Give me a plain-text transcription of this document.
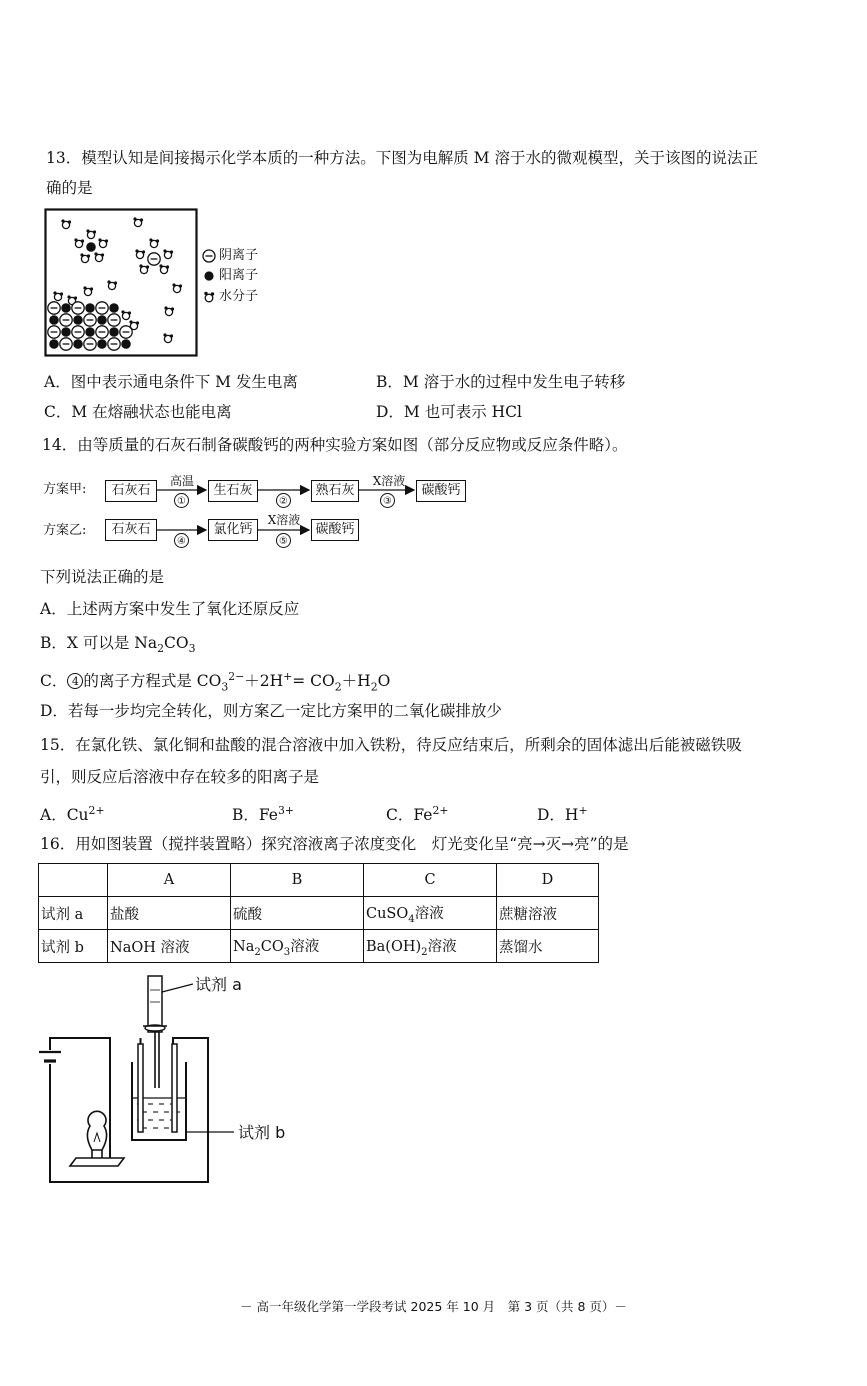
13．模型认知是间接揭示化学本质的一种方法。下图为电解质 M 溶于水的微观模型，关于该图的说法正
确的是
阴离子
阳离子
水分子
A．图中表示通电条件下 M 发生电离	B．M 溶于水的过程中发生电子转移
C．M 在熔融状态也能电离	D．M 也可表示 HCl
14．由等质量的石灰石制备碳酸钙的两种实验方案如图（部分反应物或反应条件略）。
方案甲:
方案乙:
石灰石	生石灰	熟石灰	碳酸钙
石灰石	氯化钙	碳酸钙
高温
①	②
X溶液
③
④
X溶液
⑤
下列说法正确的是
A．上述两方案中发生了氧化还原反应
B．X 可以是 $Na_2CO_3$
C． 4 的离子方程式是 $CO_3^{2-}+2H^+= CO_2+H_2O$
D．若每一步均完全转化，则方案乙一定比方案甲的二氧化碳排放少
15．在氯化铁、氯化铜和盐酸的混合溶液中加入铁粉，待反应结束后，所剩余的固体滤出后能被磁铁吸
引，则反应后溶液中存在较多的阳离子是
A．$Cu^{2+}$	B．$Fe^{3+}$	C．$Fe^{2+}$	D．H+
16．用如图装置（搅拌装置略）探究溶液离子浓度变化　灯光变化呈“亮→灭→亮”的是
	A	B	C	D
试剂 a	盐酸	硫酸	CuSO$_4$溶液	蔗糖溶液
试剂 b	NaOH 溶液	$Na_2CO_3$溶液	$Ba(OH)_2$溶液	蒸馏水
试剂 a
试剂 b
－ 高一年级化学第一学段考试 2025 年 10 月　第 3 页（共 8 页）－
